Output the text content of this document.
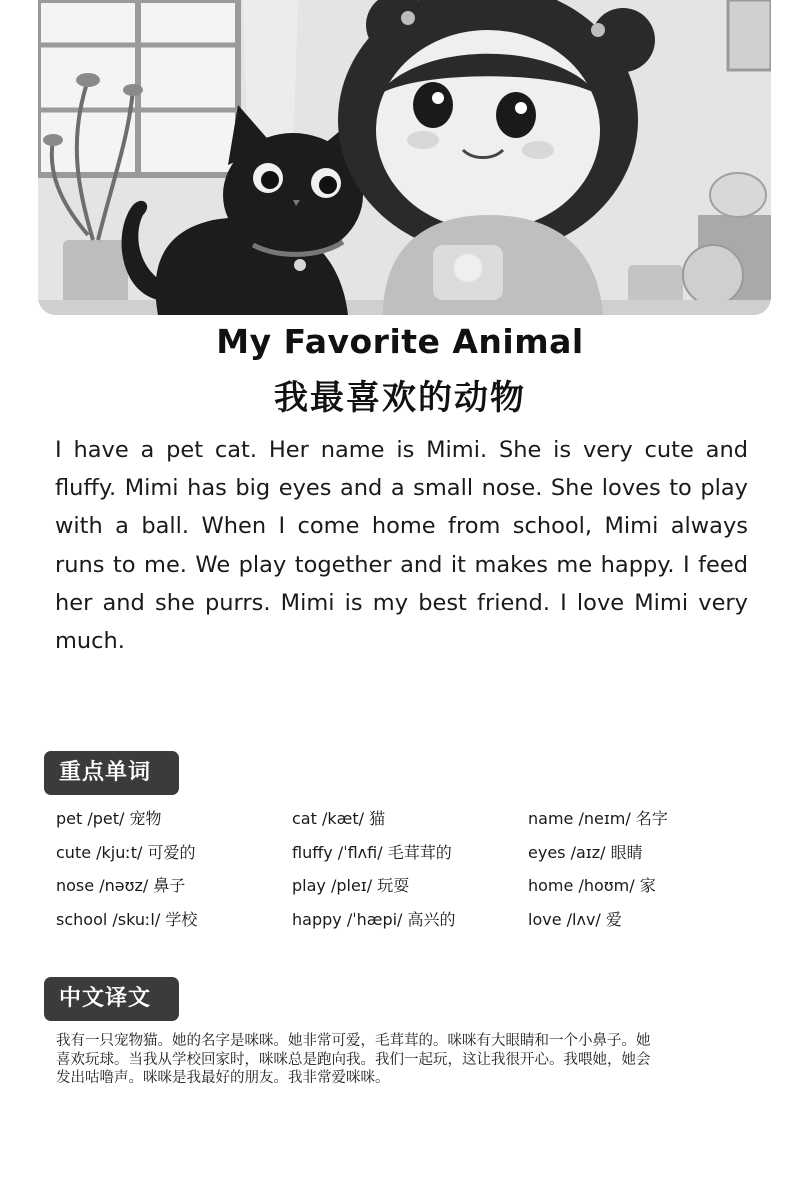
My Favorite Animal
我最喜欢的动物

I have a pet cat. Her name is Mimi. She is very cute and fluffy. Mimi has big eyes and a small nose. She loves to play with a ball. When I come home from school, Mimi always runs to me. We play together and it makes me happy. I feed her and she purrs. Mimi is my best friend. I love Mimi very much.

重点单词
pet /pet/ 宠物	cat /kæt/ 猫	name /neɪm/ 名字
cute /kjuːt/ 可爱的	fluffy /ˈflʌfi/ 毛茸茸的	eyes /aɪz/ 眼睛
nose /nəʊz/ 鼻子	play /pleɪ/ 玩耍	home /hoʊm/ 家
school /skuːl/ 学校	happy /ˈhæpi/ 高兴的	love /lʌv/ 爱
中文译文

我有一只宠物猫。她的名字是咪咪。她非常可爱，毛茸茸的。咪咪有大眼睛和一个小鼻子。她喜欢玩球。当我从学校回家时，咪咪总是跑向我。我们一起玩，这让我很开心。我喂她，她会发出咕噜声。咪咪是我最好的朋友。我非常爱咪咪。
